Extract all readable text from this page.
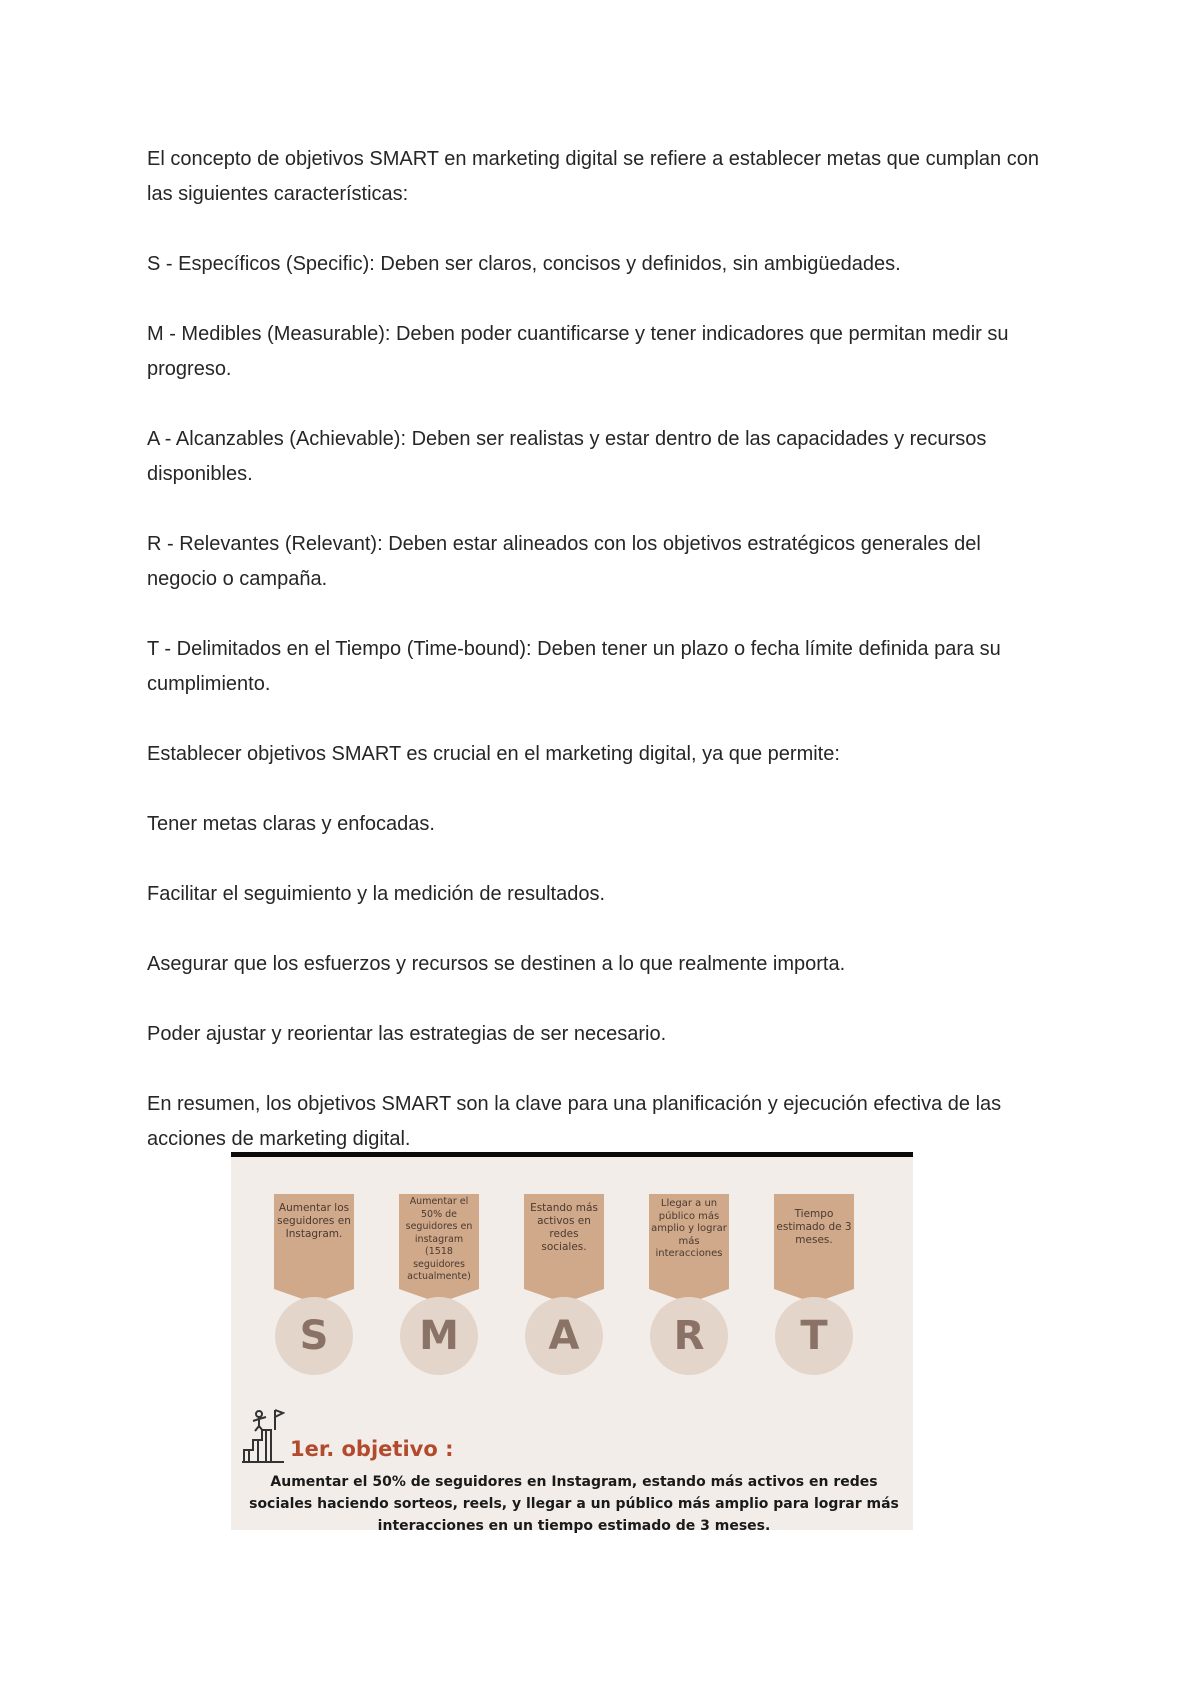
El concepto de objetivos SMART en marketing digital se refiere a establecer metas que cumplan con las siguientes características:

S - Específicos (Specific): Deben ser claros, concisos y definidos, sin ambigüedades.

M - Medibles (Measurable): Deben poder cuantificarse y tener indicadores que permitan medir su progreso.

A - Alcanzables (Achievable): Deben ser realistas y estar dentro de las capacidades y recursos disponibles.

R - Relevantes (Relevant): Deben estar alineados con los objetivos estratégicos generales del negocio o campaña.

T - Delimitados en el Tiempo (Time-bound): Deben tener un plazo o fecha límite definida para su cumplimiento.

Establecer objetivos SMART es crucial en el marketing digital, ya que permite:

Tener metas claras y enfocadas.

Facilitar el seguimiento y la medición de resultados.

Asegurar que los esfuerzos y recursos se destinen a lo que realmente importa.

Poder ajustar y reorientar las estrategias de ser necesario.

En resumen, los objetivos SMART son la clave para una planificación y ejecución efectiva de las acciones de marketing digital.

Aumentar los seguidores en Instagram.
Aumentar el 50% de seguidores en instagram (1518 seguidores actualmente)
Estando más activos en redes sociales.
Llegar a un público más amplio y lograr más interacciones
Tiempo estimado de 3 meses.
S	M	A	R	T
1er. objetivo :
Aumentar el 50% de seguidores en Instagram, estando más activos en redes sociales haciendo sorteos, reels, y llegar a un público más amplio para lograr más interacciones en un tiempo estimado de 3 meses.
